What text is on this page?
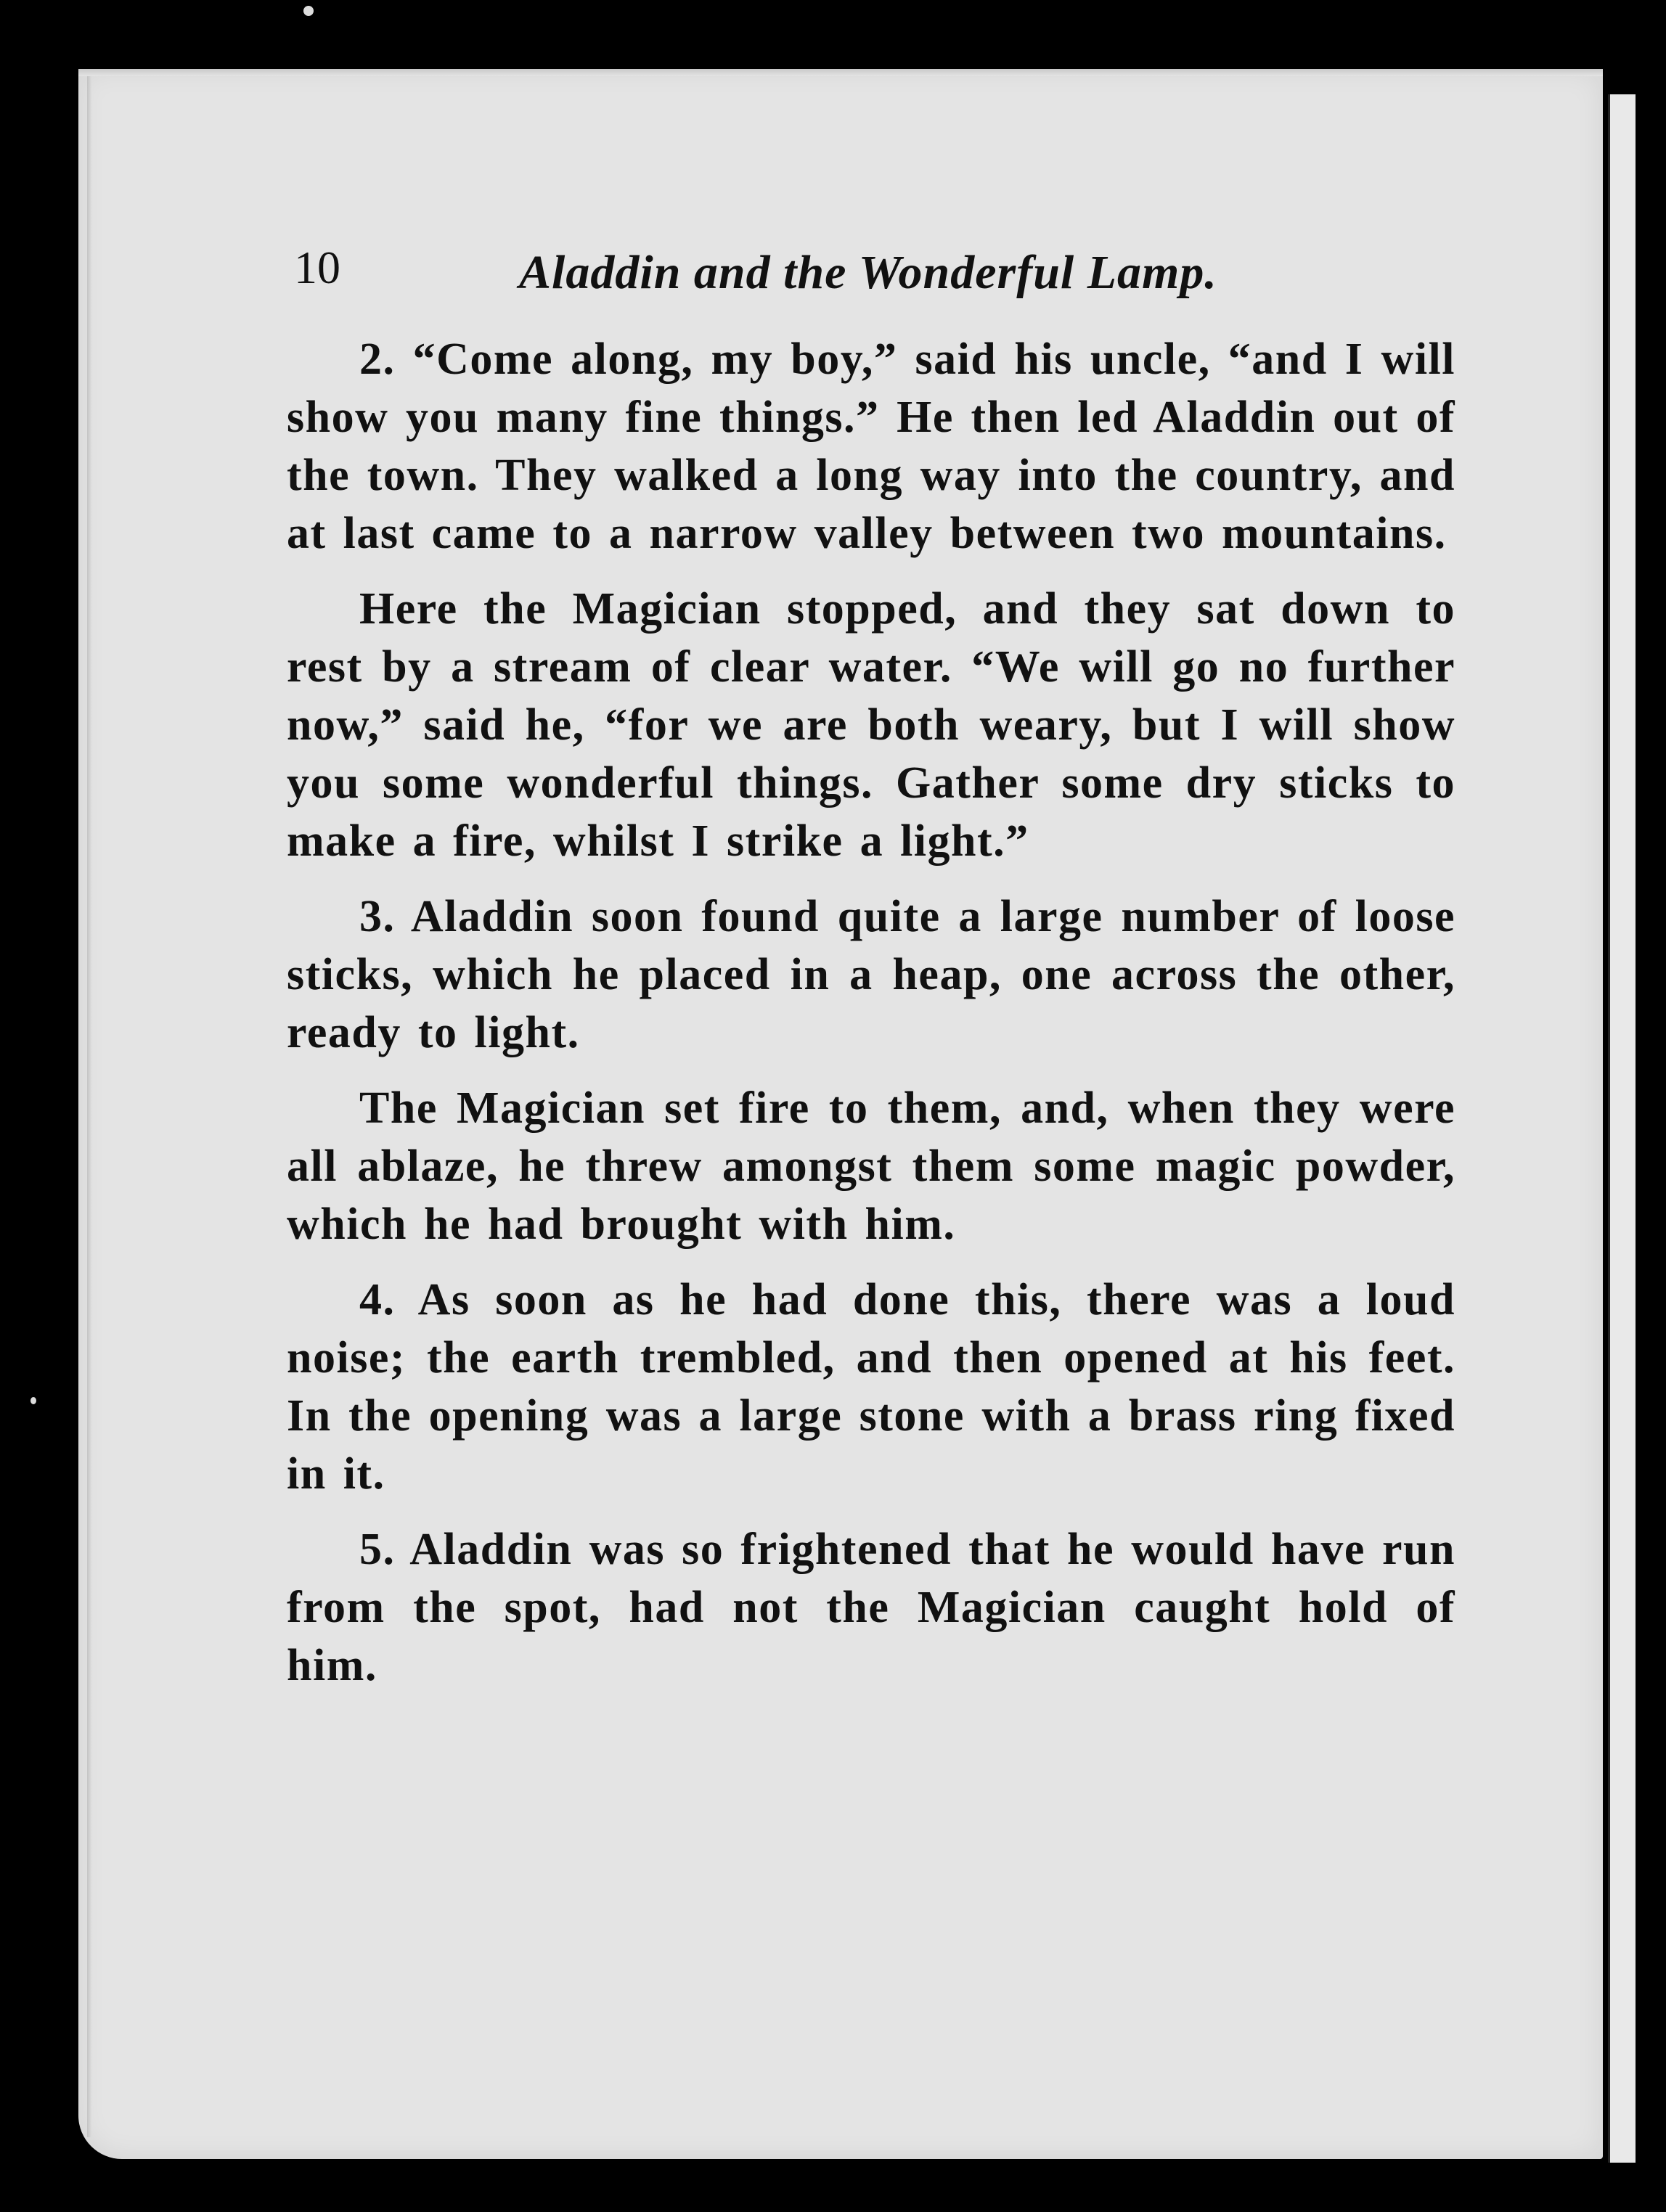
10	Aladdin and the Wonderful Lamp.

2. “Come along, my boy,” said his uncle, “and I will show you many fine things.” He then led Aladdin out of the town. They walked a long way into the country, and at last came to a narrow valley between two mountains.

Here the Magician stopped, and they sat down to rest by a stream of clear water. “We will go no further now,” said he, “for we are both weary, but I will show you some wonderful things. Gather some dry sticks to make a fire, whilst I strike a light.”

3. Aladdin soon found quite a large number of loose sticks, which he placed in a heap, one across the other, ready to light.

The Magician set fire to them, and, when they were all ablaze, he threw amongst them some magic powder, which he had brought with him.

4. As soon as he had done this, there was a loud noise; the earth trembled, and then opened at his feet. In the opening was a large stone with a brass ring fixed in it.

5. Aladdin was so frightened that he would have run from the spot, had not the Magician caught hold of him.
